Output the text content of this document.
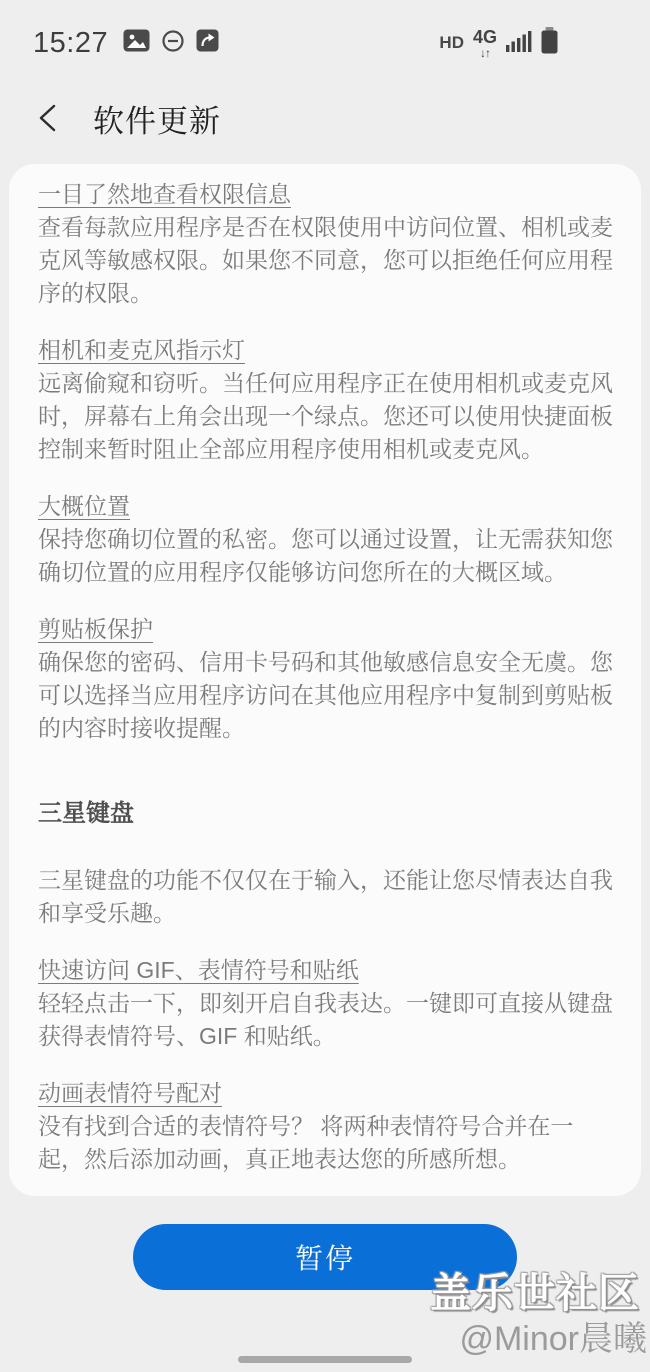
15:27	HD 4G
↓↑
软件更新
一目了然地查看权限信息

查看每款应用程序是否在权限使用中访问位置、相机或麦克风等敏感权限。如果您不同意，您可以拒绝任何应用程序的权限。

相机和麦克风指示灯

远离偷窥和窃听。当任何应用程序正在使用相机或麦克风时，屏幕右上角会出现一个绿点。您还可以使用快捷面板控制来暂时阻止全部应用程序使用相机或麦克风。

大概位置

保持您确切位置的私密。您可以通过设置，让无需获知您确切位置的应用程序仅能够访问您所在的大概区域。

剪贴板保护

确保您的密码、信用卡号码和其他敏感信息安全无虞。您可以选择当应用程序访问在其他应用程序中复制到剪贴板的内容时接收提醒。

三星键盘

三星键盘的功能不仅仅在于输入，还能让您尽情表达自我和享受乐趣。

快速访问 GIF、表情符号和贴纸

轻轻点击一下，即刻开启自我表达。一键即可直接从键盘获得表情符号、GIF 和贴纸。

动画表情符号配对

没有找到合适的表情符号？ 将两种表情符号合并在一起，然后添加动画，真正地表达您的所感所想。

暂停
盖乐世社区
@Minor晨曦
